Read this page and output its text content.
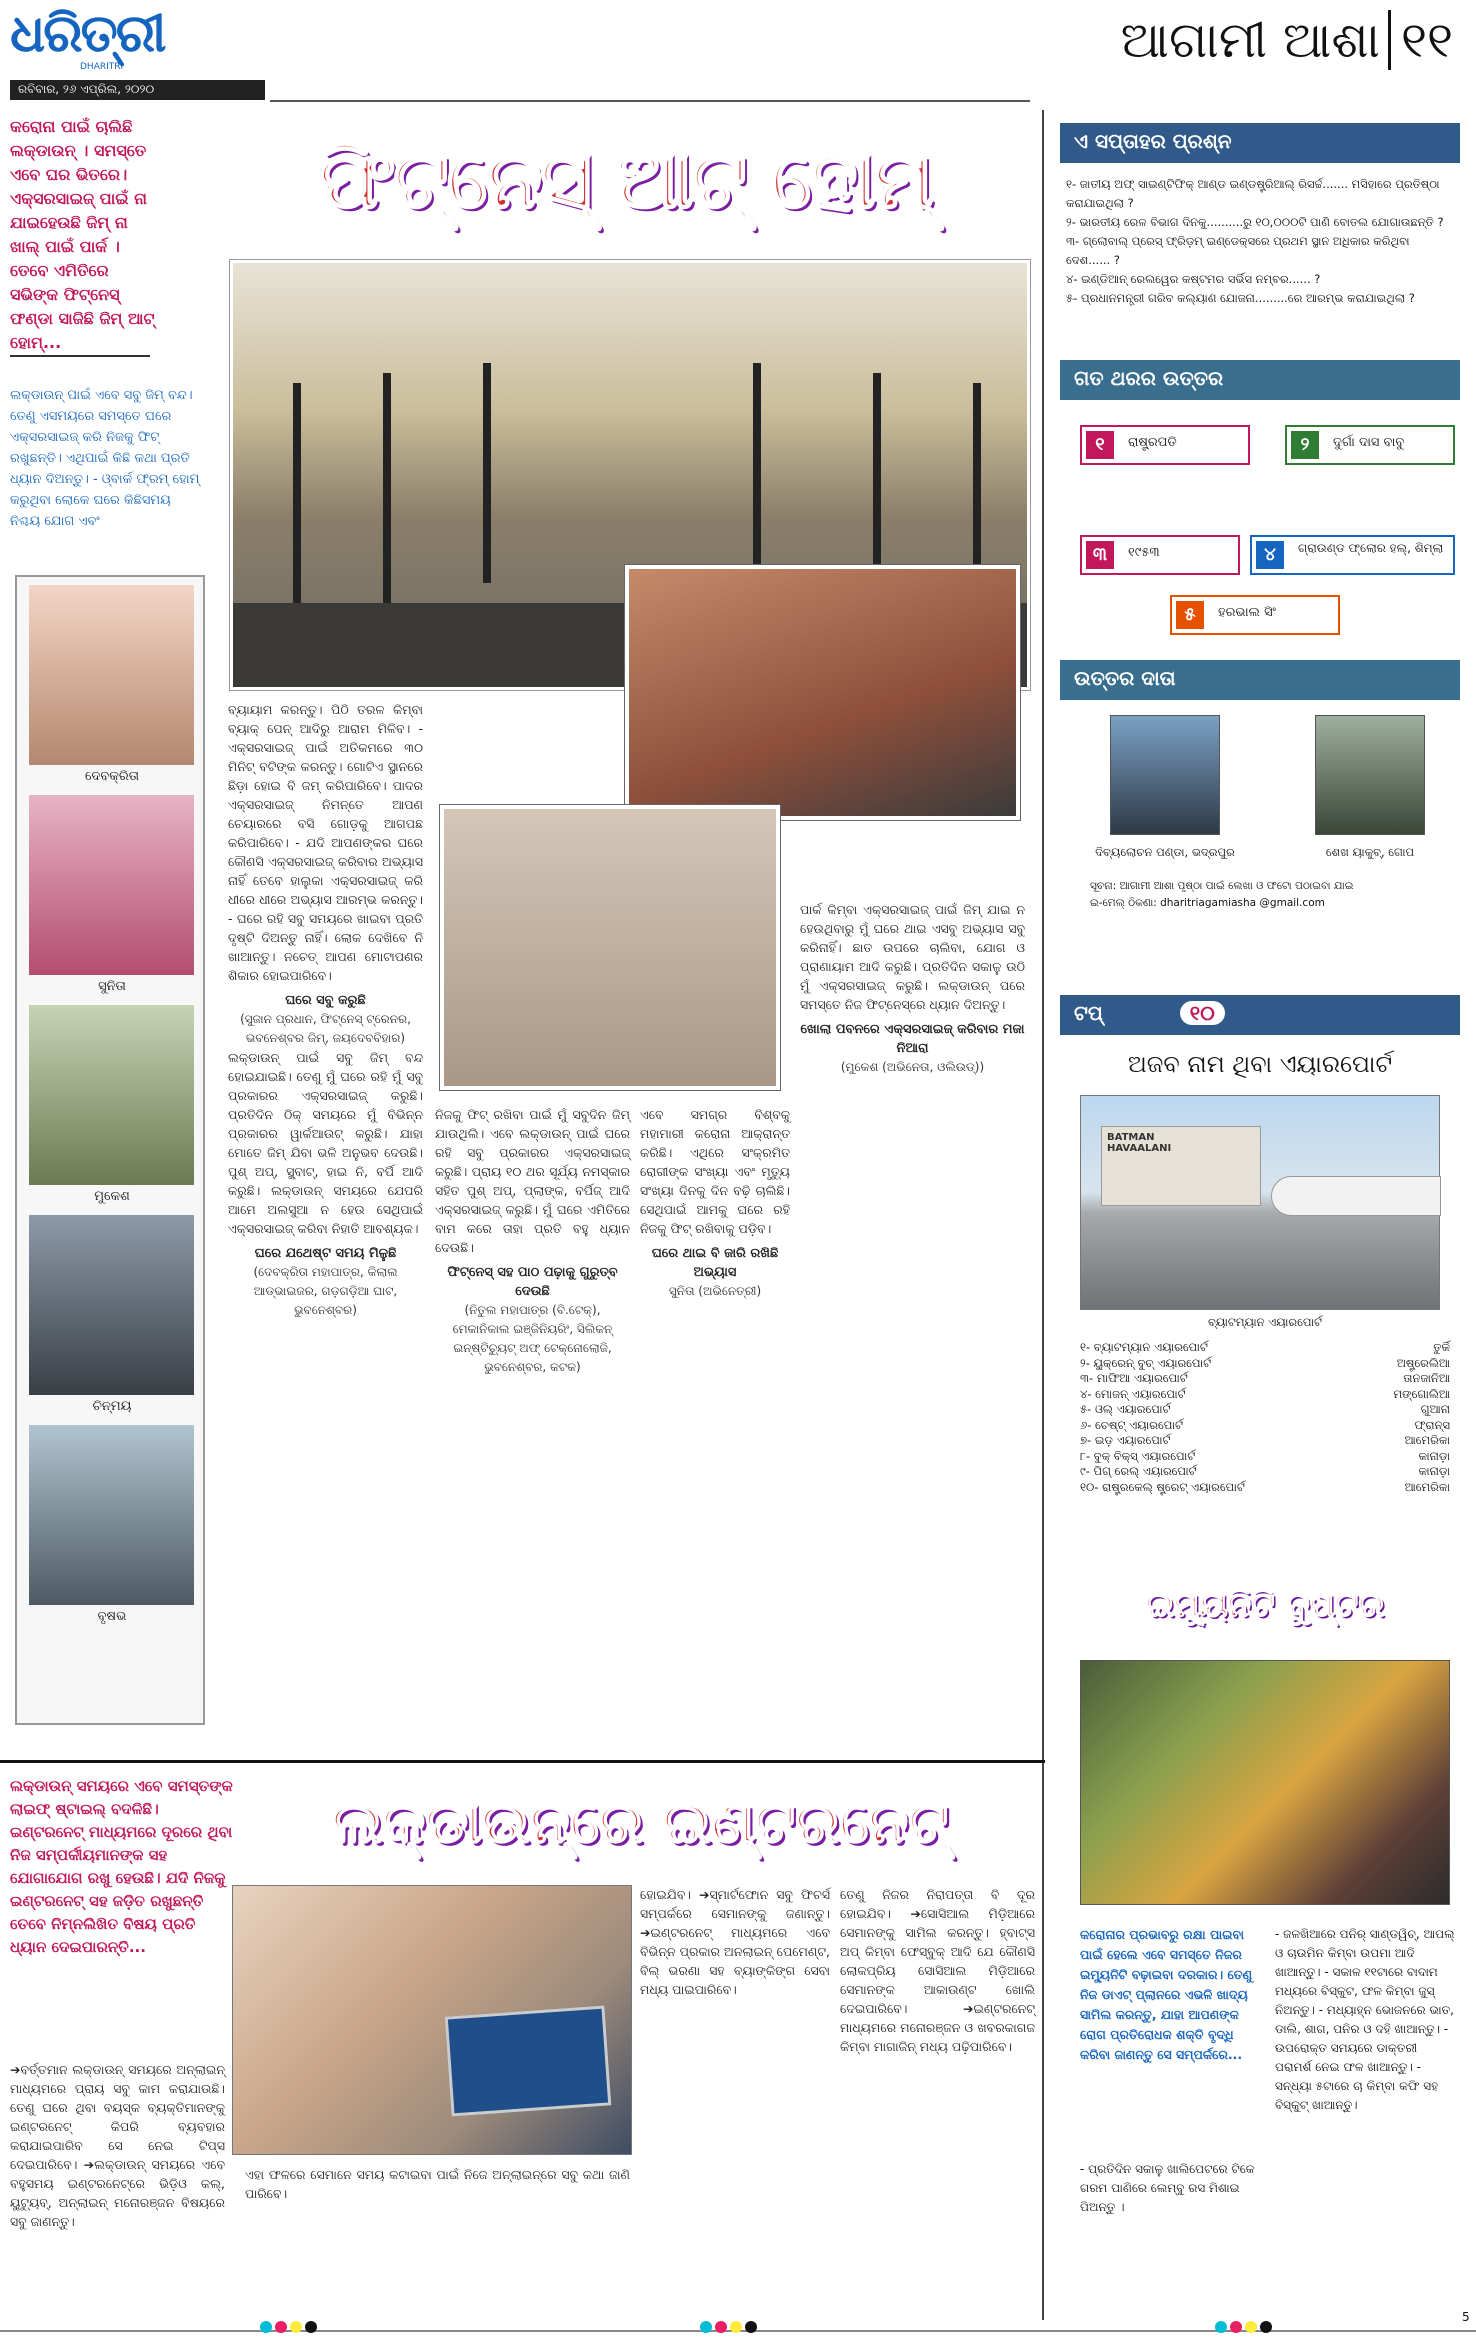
ଧରିତ୍ରୀ
DHARITRI
ରବିବାର, ୨୬ ଏପ୍ରିଲ, ୨୦୨୦
ଆଗାମୀ ଆଶା ୧୧
କରୋନା ପାଇଁ ଚାଲିଛି ଲକ୍‌ଡାଉନ୍‌ । ସମସ୍ତେ ଏବେ ଘର ଭିତରେ। ଏକ୍ସରସାଇଜ୍ ପାଇଁ ନା ଯାଇହେଉଛି ଜିମ୍ ନା ଖାଲ୍ ପାଇଁ ପାର୍କ । ତେବେ ଏମିତିରେ ସଭିଙ୍କ ଫିଟ୍‌ନେସ୍ ଫଣ୍ଡା ସାଜିଛି ଜିମ୍ ଆଟ୍ ହୋମ୍...
ଲକ୍‌ଡାଉନ୍ ପାଇଁ ଏବେ ସବୁ ଜିମ୍ ବନ୍ଦ। ତେଣୁ ଏସମୟରେ ସମସ୍ତେ ଘରେ ଏକ୍ସରସାଇଜ୍ କରି ନିଜକୁ ଫିଟ୍ ରଖୁଛନ୍ତି। ଏଥିପାଇଁ କିଛି କଥା ପ୍ରତି ଧ୍ୟାନ ଦିଅନ୍ତୁ। - ଓ୍ବାର୍କ ଫ୍ରମ୍ ହୋମ୍ କରୁଥିବା ଲୋକେ ଘରେ କିଛିସମୟ ନିଶ୍ଚୟ ଯୋଗ ଏବଂ
ଫିଟ୍‌ନେସ୍ ଆଟ୍ ହୋମ୍
ଦେବକ୍ରିତା
ସୁନିତା
ମୁକେଶ
ଚିନ୍ମୟ
ବୃଷଭ
ବ୍ୟାୟାମ କରନ୍ତୁ। ପିଠି ତରଳ କିମ୍ବା ବ୍ୟାକ୍ ପେନ୍ ଆଦିରୁ ଆରାମ ମିଳିବ। - ଏକ୍ସରସାଇଜ୍ ପାଇଁ ଅତିକମରେ ୩୦ ମିନିଟ୍ ବଟିଙ୍କ କରନ୍ତୁ। ଗୋଟିଏ ସ୍ଥାନରେ ଛିଡ଼ା ହୋଇ ବି ଜମ୍ କରିପାରିବେ। ପାଦର ଏକ୍ସରସାଇଜ୍ ନିମନ୍ତେ ଆପଣ ଚେୟାରରେ ବସି ଗୋଡ଼କୁ ଆଗପଛ କରିପାରିବେ। - ଯଦି ଆପଣଙ୍କର ଘରେ କୌଣସି ଏକ୍ସରସାଇଜ୍ କରିବାର ଅଭ୍ୟାସ ନାହିଁ ତେବେ ହାଲୁକା ଏକ୍ସରସାଇଜ୍ କରି ଧୀରେ ଧୀରେ ଅଭ୍ୟାସ ଆରମ୍ଭ କରନ୍ତୁ। - ଘରେ ରହି ସବୁ ସମୟରେ ଖାଇବା ପ୍ରତି ଦୃଷ୍ଟି ଦିଅନ୍ତୁ ନାହିଁ। ଲୋକ ଦେଖିବେ ନି ଖାଆନ୍ତୁ। ନଚେତ୍ ଆପଣ ମୋଟାପଣର ଶିକାର ହୋଇପାରିବେ।
ଘରେ ସବୁ କରୁଛି
(ସୁଜାନ ପ୍ରଧାନ, ଫିଟ୍‌ନେସ୍ ଟ୍ରେନର, ଭବନେଶ୍ବର ଜିମ୍, ଜୟଦେବବିହାର)
ଲକ୍‌ଡାଉନ୍ ପାଇଁ ସବୁ ଜିମ୍ ବନ୍ଦ ହୋଇଯାଇଛି। ତେଣୁ ମୁଁ ଘରେ ରହି ମୁଁ ସବୁ ପ୍ରକାରର ଏକ୍ସରସାଇଜ୍ କରୁଛି। ପ୍ରତିଦିନ ଠିକ୍ ସମୟରେ ମୁଁ ବିଭିନ୍ନ ପ୍ରକାରର ୱାର୍କଆଉଟ୍ କରୁଛି। ଯାହା ମୋତେ ଜିମ୍ ଯିବା ଭଳି ଅନୁଭବ ଦେଉଛି। ପୁଶ୍ ଅପ୍, ସ୍କ୍ବାଟ୍, ହାଇ ନି, ବର୍ପି ଆଦି କରୁଛି। ଲକ୍‌ଡାଉନ୍ ସମୟରେ ଯେପରି ଆମେ ଅଲସୁଆ ନ ହେଉ ସେଥିପାଇଁ ଏକ୍ସରସାଇଜ୍ କରିବା ନିହାତି ଆବଶ୍ୟକ।
ଘରେ ଯଥେଷ୍ଟ ସମୟ ମିଳୁଛି
(ଦେବକ୍ରିତା ମହାପାତ୍ର, କିଲାଲ ଆଡ୍‌ଭାଇଜର, ଗଡ଼ଗଡ଼ିଆ ଘାଟ, ଭୁବନେଶ୍ବର)
ନିଜକୁ ଫିଟ୍ ରଖିବା ପାଇଁ ମୁଁ ସବୁଦିନ ଜିମ୍ ଯାଉଥିଲି। ଏବେ ଲକ୍‌ଡାଉନ୍ ପାଇଁ ଘରେ ରହି ସବୁ ପ୍ରକାରର ଏକ୍ସରସାଇଜ୍ କରୁଛି। ପ୍ରାୟ ୧୦ ଥର ସୂର୍ଯ୍ୟ ନମସ୍କାର ସହିତ ପୁଶ୍ ଅପ୍, ପ୍ଲାଙ୍କ, ବର୍ପିଜ୍ ଆଦି ଏକ୍ସରସାଇଜ୍ କରୁଛି। ମୁଁ ଘରେ ଏମିତିରେ ବାମ କରେ ତାହା ପ୍ରତି ବହୁ ଧ୍ୟାନ ଦେଉଛି।
ଫିଟ୍‌ନେସ୍ ସହ ପାଠ ପଢ଼ାକୁ ଗୁରୁତ୍ବ ଦେଉଛି
(ନିତୁଲ ମହାପାତ୍ର (ବି.ଟେକ୍), ମେକାନିକାଲ ଇଞ୍ଜିନିୟରିଂ, ସିଲିକନ୍ ଇନ୍‌ଷ୍ଟିଚ୍ୟୁଟ୍ ଅଫ୍ ଟେକ୍ନୋଲୋଜି, ଭୁବନେଶ୍ବର, କଟକ)
ଏବେ ସମଗ୍ର ବିଶ୍ବକୁ ମହାମାରୀ କରୋନା ଆକ୍ରାନ୍ତ କରିଛି। ଏଥିରେ ସଂକ୍ରମିତ ରୋଗୀଙ୍କ ସଂଖ୍ୟା ଏବଂ ମୃତ୍ୟୁ ସଂଖ୍ୟା ଦିନକୁ ଦିନ ବଢ଼ି ଚାଲିଛି। ସେଥିପାଇଁ ଆମକୁ ଘରେ ରହି ନିଜକୁ ଫିଟ୍ ରଖିବାକୁ ପଡ଼ିବ।
ଘରେ ଥାଇ ବି ଜାରି ରଖିଛି ଅଭ୍ୟାସ
ସୁନିତା (ଅଭିନେତ୍ରୀ)
ପାର୍କ କିମ୍ବା ଏକ୍ସରସାଇଜ୍ ପାଇଁ ଜିମ୍ ଯାଇ ନ ହେଉଥିବାରୁ ମୁଁ ଘରେ ଥାଇ ଏସବୁ ଅଭ୍ୟାସ ସବୁ କରିନାହିଁ। ଛାତ ଉପରେ ଚାଲିବା, ଯୋଗ ଓ ପ୍ରାଣାୟାମ ଆଦି କରୁଛି। ପ୍ରତିଦିନ ସକାଳୁ ଉଠି ମୁଁ ଏକ୍ସରସାଇଜ୍ କରୁଛି। ଲକ୍‌ଡାଉନ୍ ପରେ ସମସ୍ତେ ନିଜ ଫିଟ୍‌ନେସ୍‌ରେ ଧ୍ୟାନ ଦିଅନ୍ତୁ।
ଖୋଲା ପବନରେ ଏକ୍ସରସାଇଜ୍ କରିବାର ମଜା ନିଆରା
(ମୁକେଶ (ଅଭିନେତା, ଓଲିଉଡ୍))
ଲକ୍‌ଡାଉନ୍ ସମୟରେ ଏବେ ସମସ୍ତଙ୍କ ଲାଇଫ୍ ଷ୍ଟାଇଲ୍ ବଦଳିଛି। ଇଣ୍ଟରନେଟ୍ ମାଧ୍ୟମରେ ଦୂରରେ ଥିବା ନିଜ ସମ୍ପର୍କୀୟମାନଙ୍କ ସହ ଯୋଗାଯୋଗ ରଖୁ ହେଉଛି। ଯଦି ନିଜକୁ ଇଣ୍ଟରନେଟ୍ ସହ ଜଡ଼ିତ ରଖୁଛନ୍ତି ତେବେ ନିମ୍ନଲିଖିତ ବିଷୟ ପ୍ରତି ଧ୍ୟାନ ଦେଇପାରନ୍ତି...
ଲକ୍‌ଡାଉନ୍‌ରେ ଇଣ୍ଟରନେଟ୍
➔ବର୍ତ୍ତମାନ ଲକ୍‌ଡାଉନ୍ ସମୟରେ ଅନ୍‌ଲାଇନ୍ ମାଧ୍ୟମରେ ପ୍ରାୟ ସବୁ କାମ କରାଯାଉଛି। ତେଣୁ ଘରେ ଥିବା ବୟସ୍କ ବ୍ୟକ୍ତିମାନଙ୍କୁ ଇଣ୍ଟରନେଟ୍ କିପରି ବ୍ୟବହାର କରାଯାଇପାରିବ ସେ ନେଇ ଟିପ୍ସ ଦେଇପାରିବେ। ➔ଲକ୍‌ଡାଉନ୍ ସମୟରେ ଏବେ ବହୁସମୟ ଇଣ୍ଟରନେଟ୍‌ରେ ଭିଡ଼ିଓ କଲ୍, ୟୁଟ୍ୟୁବ୍, ଅନ୍‌ଲାଇନ୍ ମନୋରଞ୍ଜନ ବିଷୟରେ ସବୁ ଜାଣନ୍ତୁ।
ଏହା ଫଳରେ ସେମାନେ ସମୟ କଟାଇବା ପାଇଁ ନିଜେ ଅନ୍‌ଲାଇନ୍‌ରେ ସବୁ କଥା ଜାଣି ପାରିବେ।
ହୋଇଯିବ। ➔ସ୍ମାର୍ଟଫୋନ ସବୁ ଫିଚର୍ସ ସମ୍ପର୍କରେ ସେମାନଙ୍କୁ ଜଣାନ୍ତୁ। ➔ଇଣ୍ଟରନେଟ୍ ମାଧ୍ୟମରେ ଏବେ ବିଭିନ୍ନ ପ୍ରକାର ଅନଲାଇନ୍ ପେମେଣ୍ଟ, ବିଲ୍ ଭରଣା ସହ ବ୍ୟାଙ୍କିଙ୍ଗ ସେବା ମଧ୍ୟ ପାଇପାରିବେ।
ତେଣୁ ନିଜର ନିରାପତ୍ତା ବି ଦୂର ହୋଇଯିବ। ➔ସୋସିଆଲ ମିଡ଼ିଆରେ ସେମାନଙ୍କୁ ସାମିଲ କରନ୍ତୁ। ହ୍ବାଟ୍ସ ଅପ୍ କିମ୍ବା ଫେସ୍‌ବୁକ୍ ଆଦି ଯେ କୌଣସି ଲୋକପ୍ରିୟ ସୋସିଆଲ ମିଡ଼ିଆରେ ସେମାନଙ୍କ ଆକାଉଣ୍ଟ ଖୋଲି ଦେଇପାରିବେ। ➔ଇଣ୍ଟରନେଟ୍ ମାଧ୍ୟମରେ ମନୋରଞ୍ଜନ ଓ ଖବରକାଗଜ କିମ୍ବା ମାଗାଜିନ୍ ମଧ୍ୟ ପଢ଼ିପାରିବେ।
ଏ ସପ୍ତାହର ପ୍ରଶ୍ନ
୧- ଜାତୀୟ ଅଫ୍ ସାଇଣ୍ଟିଫିକ୍ ଆଣ୍ଡ ଇଣ୍ଡଷ୍ଟ୍ରିଆଲ୍ ରିସର୍ଚ୍ଚ....... ମସିହାରେ ପ୍ରତିଷ୍ଠା କରାଯାଇଥିଲା ?
୨- ଭାରତୀୟ ରେଳ ବିଭାଗ ଦିନକୁ..........ରୁ ୧୦,୦୦୦ଟି ପାଣି ବୋତଲ ଯୋଗାଉଛନ୍ତି ?
୩- ଗ୍ଲୋବାଲ୍ ପ୍ରେସ୍ ଫ୍ରିଡ଼ମ୍ ଇଣ୍ଡେକ୍ସରେ ପ୍ରଥମ ସ୍ଥାନ ଅଧିକାର କରିଥିବା ଦେଶ...... ?
୪- ଇଣ୍ଡିଆନ୍ ରେଲୱେର କଷ୍ଟମର ସର୍ଭିସ ନମ୍ବର...... ?
୫- ପ୍ରଧାନମନ୍ତ୍ରୀ ଗରିବ କଲ୍ୟାଣ ଯୋଜନା.........ରେ ଆରମ୍ଭ କରାଯାଇଥିଲା ?
ଗତ ଥରର ଉତ୍ତର
୧	ରାଷ୍ଟ୍ରପତି	୨	ଦୁର୍ଗା ଦାସ ବାବୁ
୩	୧୯୫୩	୪	ଗ୍ରାଉଣ୍ଡ ଫ୍ଲୋର ହଲ୍, ଶିମ୍‌ଲା
୫	ହରଭାଲ ସିଂ
ଉତ୍ତର ଦାତା
ଦିବ୍ୟଲୋଚନ ପଣ୍ଡା, ଭଦ୍ରପୁର	ଶେଖ ୟାକୁବ୍, ଗୋପ
ସୂଚନା: ଆଗାମୀ ଆଶା ପୃଷ୍ଠା ପାଇଁ ଲେଖା ଓ ଫଟୋ ପଠାଇବା ଯାଇ
ଇ-ମେଲ୍ ଠିକଣା: dharitriagamiasha @gmail.com
ଟପ୍	୧୦
ଅଜବ ନାମ ଥିବା ଏୟାରପୋର୍ଟ
BATMAN HAVAALANI
ବ୍ୟାଟମ୍ୟାନ ଏୟାରପୋର୍ଟ
୧- ବ୍ୟାଟମ୍ୟାନ ଏୟାରପୋର୍ଟ	ତୁର୍କି
୨- ୟୁକ୍ରେନ୍ ବୁଚ୍ ଏୟାରପୋର୍ଟ	ଅଷ୍ଟ୍ରେଲିଆ
୩- ମାଫିଆ ଏୟାରପୋର୍ଟ	ତାନଜାନିଆ
୪- ମୋଜନ୍ ଏୟାରପୋର୍ଟ	ମଙ୍ଗୋଲିଆ
୫- ଓଲ୍ ଏୟାରପୋର୍ଟ	ଗୁଆନା
୬- ଚେଷ୍ଟ୍ ଏୟାରପୋର୍ଟ	ଫ୍ରାନ୍ସ
୭- ଇଡ଼ ଏୟାରପୋର୍ଟ	ଆମେରିକା
୮- ବୁକ୍ ବିକ୍ସ୍ ଏୟାରପୋର୍ଟ	କାନାଡ଼ା
୯- ପିଗ୍ ରେଲ୍ ଏୟାରପୋର୍ଟ	କାନାଡ଼ା
୧୦- ରାଷ୍ଟ୍ରକେଲ୍ ଷ୍ଟ୍ରେଟ୍ ଏୟାରପୋର୍ଟ	ଆମେରିକା
ଇମ୍ୟୁନିଟି ବୁଷ୍ଟର
କରୋନାର ପ୍ରଭାବରୁ ରକ୍ଷା ପାଇବା ପାଇଁ ହେଲେ ଏବେ ସମସ୍ତେ ନିଜର ଇମ୍ୟୁନିଟି ବଢ଼ାଇବା ଦରକାର। ତେଣୁ ନିଜ ଡାଏଟ୍ ପ୍ଲାନରେ ଏଭଳି ଖାଦ୍ୟ ସାମିଲ କରନ୍ତୁ, ଯାହା ଆପଣଙ୍କ ରୋଗ ପ୍ରତିରୋଧକ ଶକ୍ତି ବୃଦ୍ଧି କରିବା ଜାଣନ୍ତୁ ସେ ସମ୍ପର୍କରେ...
- ପ୍ରତିଦିନ ସକାଳୁ ଖାଲିପେଟରେ ଟିକେ ଗରମ ପାଣିରେ ଲେମ୍ବୁ ରସ ମିଶାଇ ପିଅନ୍ତୁ ।
- ଜଳଖିଆରେ ପନିର୍ ସାଣ୍ଡୱିଚ୍, ଆପଲ୍ ଓ ଚାଉମିନ କିମ୍ବା ଉପମା ଆଦି ଖାଆନ୍ତୁ। - ସକାଳ ୧୧ଟାରେ ବାଦାମ ମଧ୍ୟରେ ବିସ୍କୁଟ, ଫଳ କିମ୍ବା ଜୁସ୍ ନିଅନ୍ତୁ। - ମଧ୍ୟାହ୍ନ ଭୋଜନରେ ଭାତ, ଡାଲି, ଶାଗ, ପନିର ଓ ଦହି ଖାଆନ୍ତୁ। - ଉପରୋକ୍ତ ସମୟରେ ଡାକ୍ତରୀ ପରାମର୍ଶ ନେଇ ଫଳ ଖାଆନ୍ତୁ। - ସନ୍ଧ୍ୟା ୫ଟାରେ ଚା କିମ୍ବା କଫି ସହ ବିସ୍କୁଟ୍ ଖାଆନ୍ତୁ।
5
